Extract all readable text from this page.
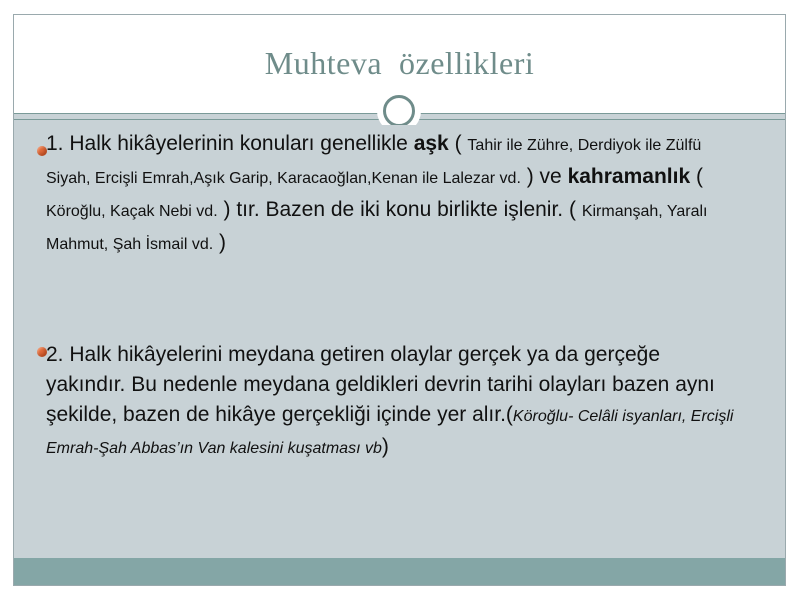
Muhteva  özellikleri
1. Halk hikâyelerinin konuları genellikle aşk ( Tahir ile Zühre, Derdiyok ile Zülfü Siyah, Ercişli Emrah,Aşık Garip, Karacaoğlan,Kenan ile Lalezar vd. ) ve kahramanlık ( Köroğlu, Kaçak Nebi vd. ) tır. Bazen de iki konu birlikte işlenir. ( Kirmanşah, Yaralı Mahmut, Şah İsmail vd. )
2. Halk hikâyelerini meydana getiren olaylar gerçek ya da gerçeğe yakındır. Bu nedenle meydana geldikleri devrin tarihi olayları bazen aynı şekilde, bazen de hikâye gerçekliği içinde yer alır.(Köroğlu- Celâli isyanları, Ercişli Emrah-Şah Abbas’ın Van kalesini kuşatması vb)
